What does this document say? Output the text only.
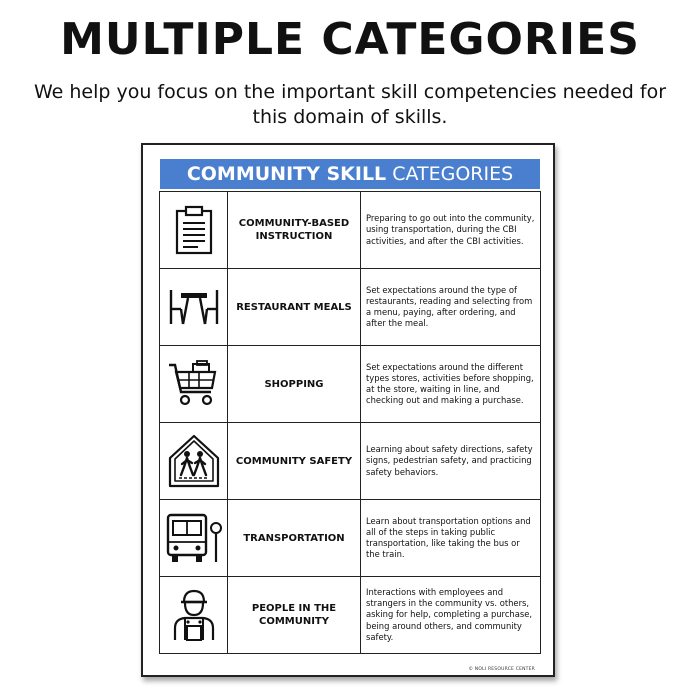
MULTIPLE CATEGORIES
We help you focus on the important skill competencies needed for this domain of skills.
COMMUNITY SKILL CATEGORIES
	COMMUNITY-BASED INSTRUCTION	Preparing to go out into the community, using transportation, during the CBI activities, and after the CBI activities.

	RESTAURANT MEALS	Set expectations around the type of restaurants, reading and selecting from a menu, paying, after ordering, and after the meal.

	SHOPPING	Set expectations around the different types stores, activities before shopping, at the store, waiting in line, and checking out and making a purchase.

	COMMUNITY SAFETY	Learning about safety directions, safety signs, pedestrian safety, and practicing safety behaviors.

	TRANSPORTATION	Learn about transportation options and all of the steps in taking public transportation, like taking the bus or the train.

	PEOPLE IN THE COMMUNITY	Interactions with employees and strangers in the community vs. others, asking for help, completing a purchase, being around others, and community safety.
© NOLI RESOURCE CENTER
